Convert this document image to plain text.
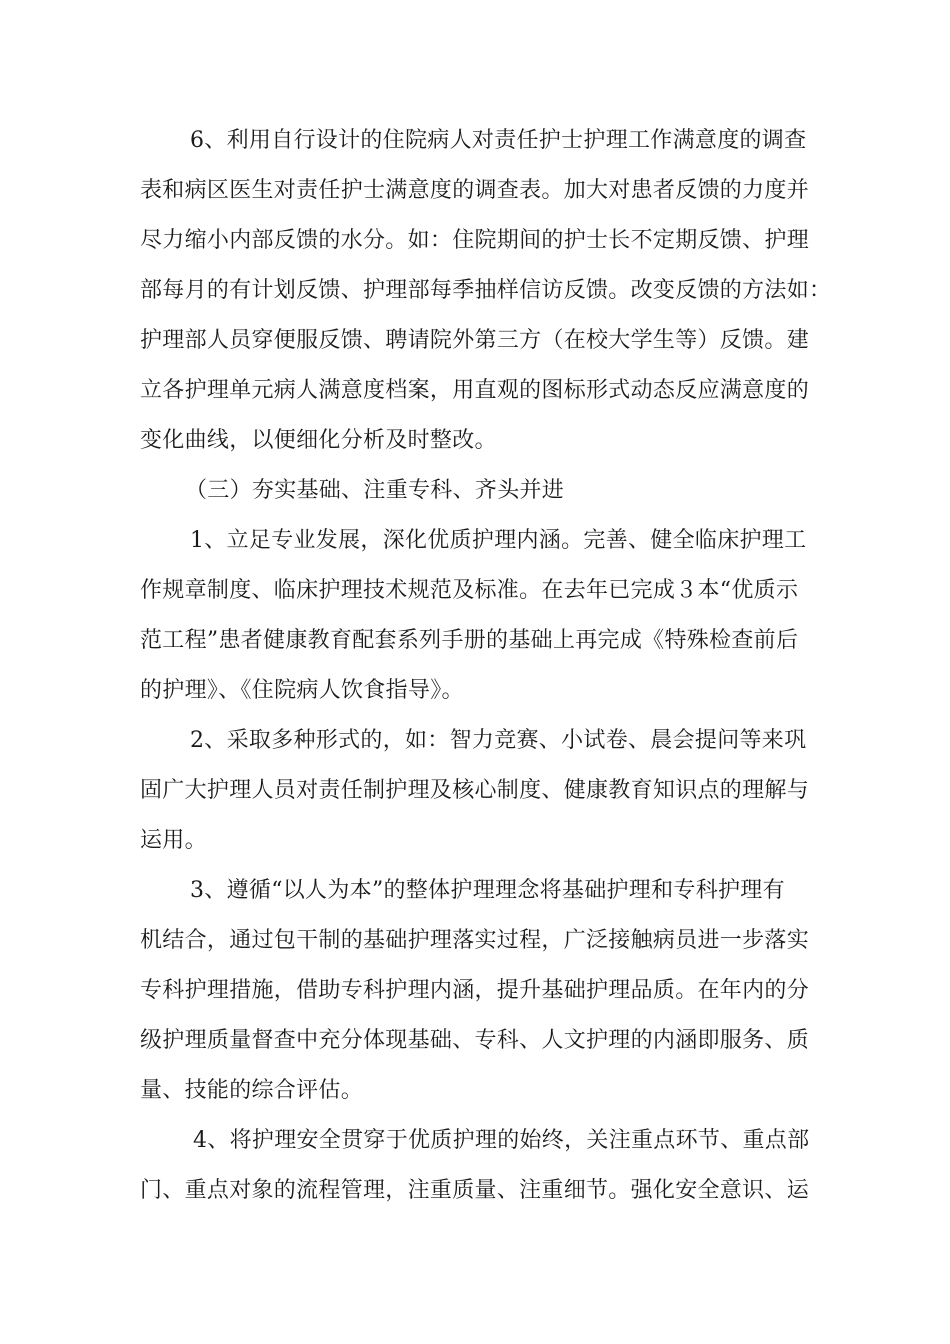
6、利用自行设计的住院病人对责任护士护理工作满意度的调查
表和病区医生对责任护士满意度的调查表。加大对患者反馈的力度并
尽力缩小内部反馈的水分。如：住院期间的护士长不定期反馈、护理
部每月的有计划反馈、护理部每季抽样信访反馈。改变反馈的方法如：
护理部人员穿便服反馈、聘请院外第三方（在校大学生等）反馈。建
立各护理单元病人满意度档案，用直观的图标形式动态反应满意度的
变化曲线，以便细化分析及时整改。
（三）夯实基础、注重专科、齐头并进
1、立足专业发展，深化优质护理内涵。完善、健全临床护理工
作规章制度、临床护理技术规范及标准。在去年已完成３本“优质示
范工程”患者健康教育配套系列手册的基础上再完成《特殊检查前后
的护理》、《住院病人饮食指导》。
2、采取多种形式的，如：智力竞赛、小试卷、晨会提问等来巩
固广大护理人员对责任制护理及核心制度、健康教育知识点的理解与
运用。
3、遵循“以人为本”的整体护理理念将基础护理和专科护理有
机结合，通过包干制的基础护理落实过程，广泛接触病员进一步落实
专科护理措施，借助专科护理内涵，提升基础护理品质。在年内的分
级护理质量督查中充分体现基础、专科、人文护理的内涵即服务、质
量、技能的综合评估。
4、将护理安全贯穿于优质护理的始终，关注重点环节、重点部
门、重点对象的流程管理，注重质量、注重细节。强化安全意识、运
